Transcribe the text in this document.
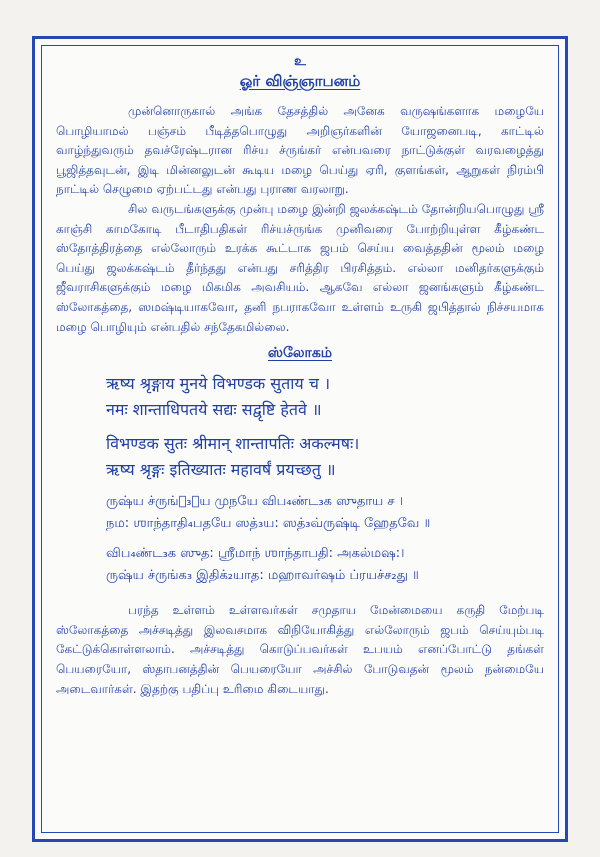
உ
ஓர் விஞ்ஞாபனம்

முன்னொருகால் அங்க தேசத்தில் அனேக வருஷங்களாக மழையே பொழியாமல் பஞ்சம் பீடித்தபொழுது அறிஞர்களின் யோஜனைபடி, காட்டில் வாழ்ந்துவரும் தவச்ரேஷ்டரான ரிச்ய ச்ருங்கர் என்பவரை நாட்டுக்குள் வரவழைத்து பூஜித்தவுடன், இடி மின்னலுடன் கூடிய மழை பெய்து ஏரி, குளங்கள், ஆறுகள் நிரம்பி நாட்டில் செழுமை ஏற்பட்டது என்பது புராண வரலாறு.

சில வருடங்களுக்கு முன்பு மழை இன்றி ஜலக்கஷ்டம் தோன்றியபொழுது ஸ்ரீ காஞ்சி காமகோடி பீடாதிபதிகள் ரிச்யச்ருங்க முனிவரை போற்றியுள்ள கீழ்கண்ட ஸ்தோத்திரத்தை எல்லோரும் உரக்க கூட்டாக ஜபம் செய்ய வைத்ததின் மூலம் மழை பெய்து ஜலக்கஷ்டம் தீர்ந்தது என்பது சரித்திர பிரசித்தம். எல்லா மனிதர்களுக்கும் ஜீவராசிகளுக்கும் மழை மிகமிக அவசியம். ஆகவே எல்லா ஜனங்களும் கீழ்கண்ட ஸ்லோகத்தை, ஸமஷ்டியாகவோ, தனி நபராகவோ உள்ளம் உருகி ஜபித்தால் நிச்சயமாக மழை பொழியும் என்பதில் சந்தேகமில்லை.

ஸ்லோகம்
ऋष्य श्रृङ्गाय मुनये विभण्डक सुताय च ।
नमः शान्ताधिपतये सद्यः सद्वृष्टि हेतवे ॥
विभण्डक सुतः श्रीमान् शान्तापतिः अकल्मषः।
ऋष्य श्रृङ्गः इतिख्यातः महावर्षं प्रयच्छतु ॥
ருஷ்ய ச்ருங்க₃ாய முநயே விப₄ண்ட₃க ஸுதாய ச ।
நம: ஶாந்தாதி₄பதயே ஸத்₃ய: ஸத்₃வ்ருஷ்டி ஹேதவே ॥
விப₄ண்ட₃க ஸுத: ஶ்ரீமாந் ஶாந்தாபதி: அகல்மஷ:।
ருஷ்ய ச்ருங்க₃ இதிக்₂யாத: மஹாவர்ஷம் ப்ரயச்ச₂து ॥

பரந்த உள்ளம் உள்ளவர்கள் சமுதாய மேன்மையை கருதி மேற்படி ஸ்லோகத்தை அச்சடித்து இலவசமாக விநியோகித்து எல்லோரும் ஜபம் செய்யும்படி கேட்டுக்கொள்ளலாம். அச்சடித்து கொடுப்பவர்கள் உபயம் எனப்போட்டு தங்கள் பெயரையோ, ஸ்தாபனத்தின் பெயரையோ அச்சில் போடுவதன் மூலம் நன்மையே அடைவார்கள். இதற்கு பதிப்பு உரிமை கிடையாது.
